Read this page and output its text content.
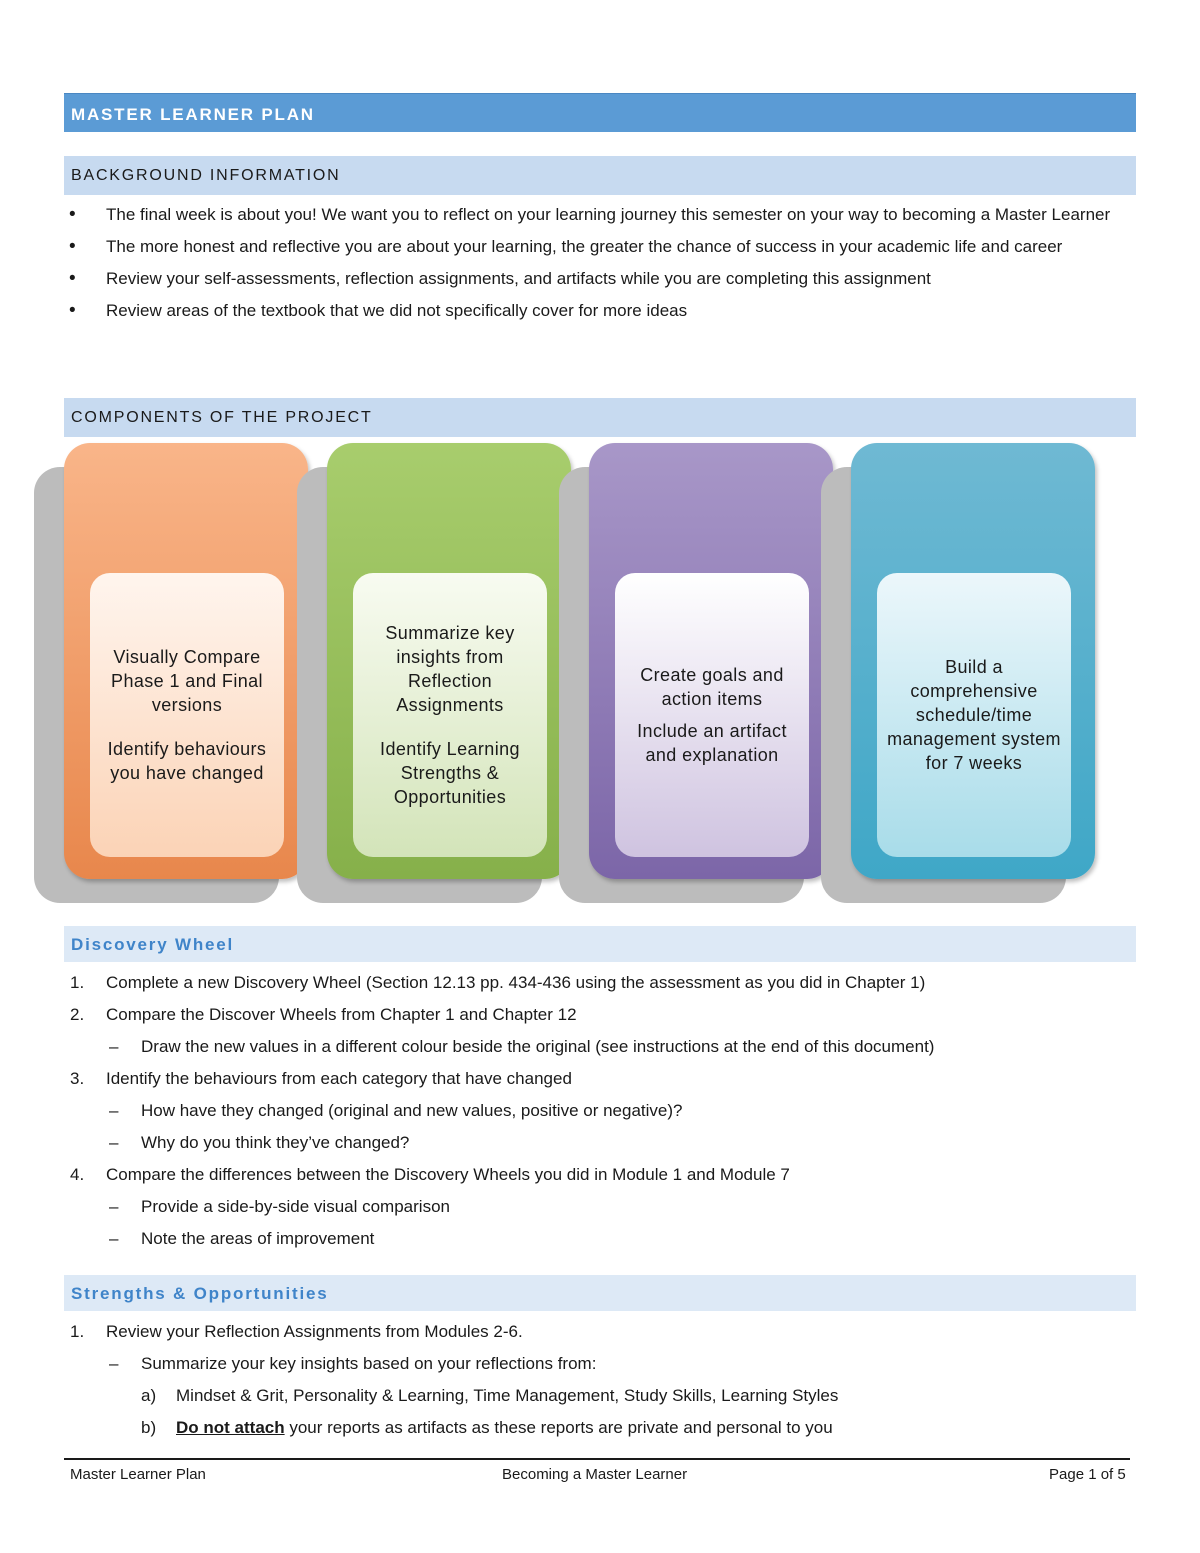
MASTER LEARNER PLAN
BACKGROUND INFORMATION
• The final week is about you! We want you to reflect on your learning journey this semester on your way to becoming a Master Learner
• The more honest and reflective you are about your learning, the greater the chance of success in your academic life and career
• Review your self-assessments, reflection assignments, and artifacts while you are completing this assignment
• Review areas of the textbook that we did not specifically cover for more ideas
COMPONENTS OF THE PROJECT
Visually Compare Phase 1 and Final versions
Identify behaviours you have changed
Summarize key insights from Reflection Assignments
Identify Learning Strengths & Opportunities
Create goals and action items
Include an artifact and explanation
Build a comprehensive schedule/time management system for 7 weeks
Discovery Wheel
1. Complete a new Discovery Wheel (Section 12.13 pp. 434-436 using the assessment as you did in Chapter 1)
2. Compare the Discover Wheels from Chapter 1 and Chapter 12
– Draw the new values in a different colour beside the original (see instructions at the end of this document)
3. Identify the behaviours from each category that have changed
– How have they changed (original and new values, positive or negative)?
– Why do you think they’ve changed?
4. Compare the differences between the Discovery Wheels you did in Module 1 and Module 7
– Provide a side-by-side visual comparison
– Note the areas of improvement
Strengths & Opportunities
1. Review your Reflection Assignments from Modules 2-6.
– Summarize your key insights based on your reflections from:
a) Mindset & Grit, Personality & Learning, Time Management, Study Skills, Learning Styles
b) Do not attach your reports as artifacts as these reports are private and personal to you
Master Learner Plan	Becoming a Master Learner	Page 1 of 5
